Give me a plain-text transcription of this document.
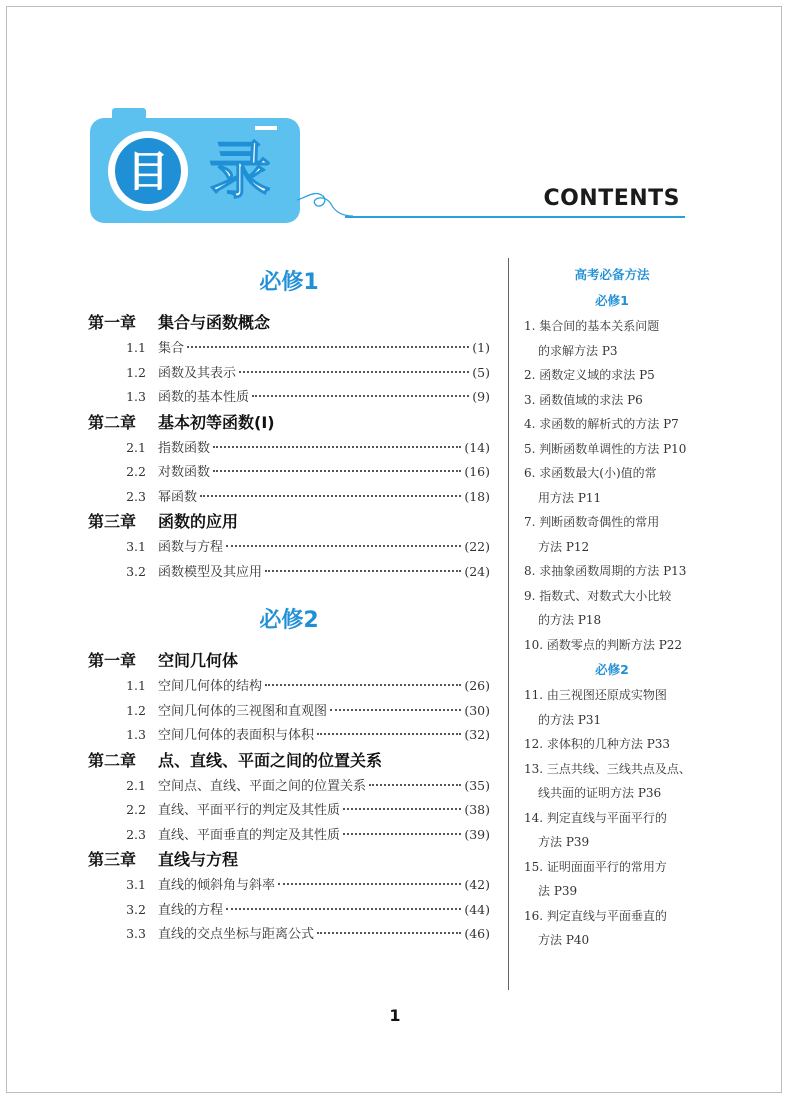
目 录	CONTENTS
必修1
第一章	集合与函数概念
1.1 集合	(1)
1.2 函数及其表示	(5)
1.3 函数的基本性质	(9)
第二章	基本初等函数(Ⅰ)
2.1 指数函数	(14)
2.2 对数函数	(16)
2.3 幂函数	(18)
第三章	函数的应用
3.1 函数与方程	(22)
3.2 函数模型及其应用	(24)
必修2
第一章	空间几何体
1.1 空间几何体的结构	(26)
1.2 空间几何体的三视图和直观图	(30)
1.3 空间几何体的表面积与体积	(32)
第二章	点、直线、平面之间的位置关系
2.1 空间点、直线、平面之间的位置关系	(35)
2.2 直线、平面平行的判定及其性质	(38)
2.3 直线、平面垂直的判定及其性质	(39)
第三章	直线与方程
3.1 直线的倾斜角与斜率	(42)
3.2 直线的方程	(44)
3.3 直线的交点坐标与距离公式	(46)
高考必备方法
必修1
1. 集合间的基本关系问题
的求解方法 P3
2. 函数定义域的求法 P5
3. 函数值域的求法 P6
4. 求函数的解析式的方法 P7
5. 判断函数单调性的方法 P10
6. 求函数最大(小)值的常
用方法 P11
7. 判断函数奇偶性的常用
方法 P12
8. 求抽象函数周期的方法 P13
9. 指数式、对数式大小比较
的方法 P18
10. 函数零点的判断方法 P22
必修2
11. 由三视图还原成实物图
的方法 P31
12. 求体积的几种方法 P33
13. 三点共线、三线共点及点、
线共面的证明方法 P36
14. 判定直线与平面平行的
方法 P39
15. 证明面面平行的常用方
法 P39
16. 判定直线与平面垂直的
方法 P40
1
